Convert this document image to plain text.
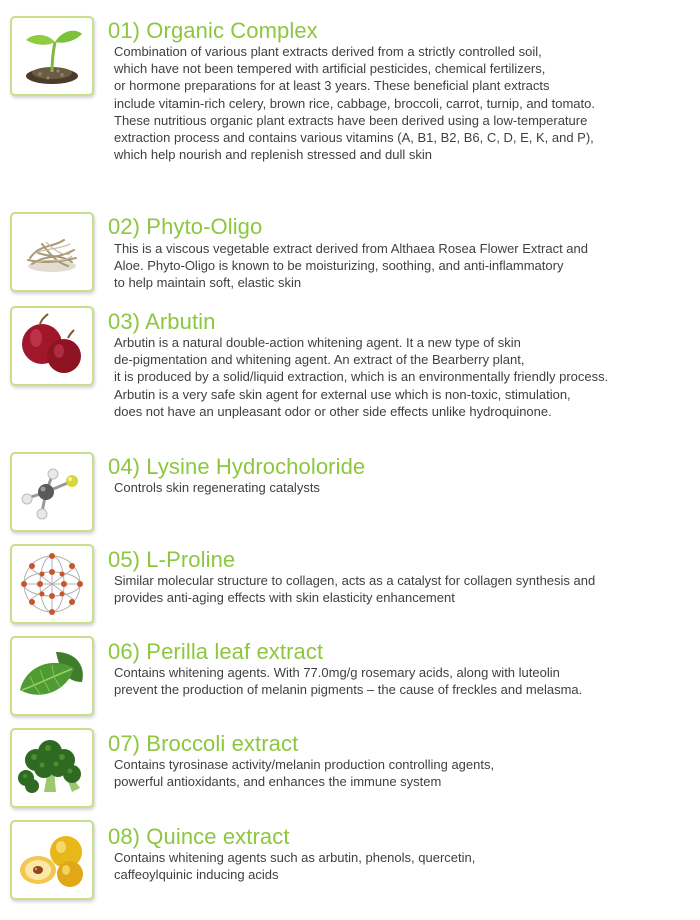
01) Organic Complex

Combination of various plant extracts derived from a strictly controlled soil,
which have not been tempered with artificial pesticides, chemical fertilizers,
or hormone preparations for at least 3 years. These beneficial plant extracts
include vitamin-rich celery, brown rice, cabbage, broccoli, carrot, turnip, and tomato.
These nutritious organic plant extracts have been derived using a low-temperature
extraction process and contains various vitamins (A, B1, B2, B6, C, D, E, K, and P),
which help nourish and replenish stressed and dull skin

02) Phyto-Oligo

This is a viscous vegetable extract derived from Althaea Rosea Flower Extract and
Aloe. Phyto-Oligo is known to be moisturizing, soothing, and anti-inflammatory
to help maintain soft, elastic skin

03) Arbutin

Arbutin is a natural double-action whitening agent. It a new type of skin
de-pigmentation and whitening agent. An extract of the Bearberry plant,
it is produced by a solid/liquid extraction, which is an environmentally friendly process.
Arbutin is a very safe skin agent for external use which is non-toxic, stimulation,
does not have an unpleasant odor or other side effects unlike hydroquinone.

04) Lysine Hydrocholoride

Controls skin regenerating catalysts

05) L-Proline

Similar molecular structure to collagen, acts as a catalyst for collagen synthesis and
provides anti-aging effects with skin elasticity enhancement

06) Perilla leaf extract

Contains whitening agents. With 77.0mg/g rosemary acids, along with luteolin
prevent the production of melanin pigments – the cause of freckles and melasma.

07) Broccoli extract

Contains tyrosinase activity/melanin production controlling agents,
powerful antioxidants, and enhances the immune system

08) Quince extract

Contains whitening agents such as arbutin, phenols, quercetin,
caffeoylquinic inducing acids
